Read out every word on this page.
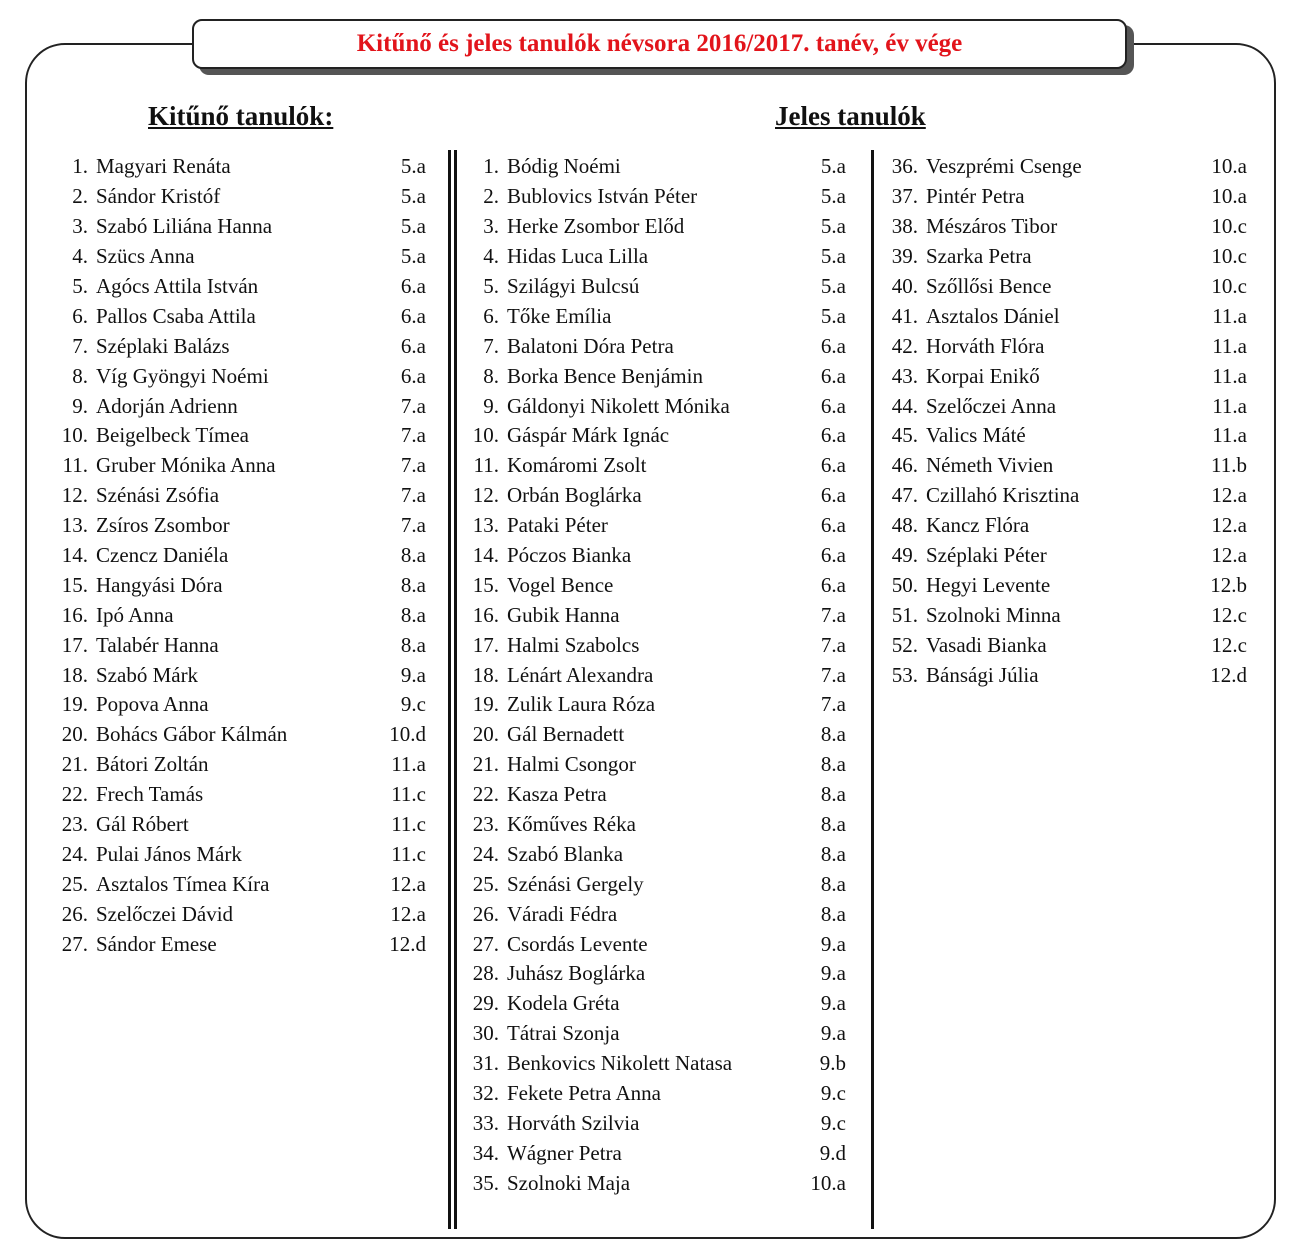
Kitűnő és jeles tanulók névsora 2016/2017. tanév, év vége
Kitűnő tanulók:	Jeles tanulók
1. Magyari Renáta	5.a
2. Sándor Kristóf	5.a
3. Szabó Liliána Hanna	5.a
4. Szücs Anna	5.a
5. Agócs Attila István	6.a
6. Pallos Csaba Attila	6.a
7. Széplaki Balázs	6.a
8. Víg Gyöngyi Noémi	6.a
9. Adorján Adrienn	7.a
10. Beigelbeck Tímea	7.a
11. Gruber Mónika Anna	7.a
12. Szénási Zsófia	7.a
13. Zsíros Zsombor	7.a
14. Czencz Daniéla	8.a
15. Hangyási Dóra	8.a
16. Ipó Anna	8.a
17. Talabér Hanna	8.a
18. Szabó Márk	9.a
19. Popova Anna	9.c
20. Bohács Gábor Kálmán	10.d
21. Bátori Zoltán	11.a
22. Frech Tamás	11.c
23. Gál Róbert	11.c
24. Pulai János Márk	11.c
25. Asztalos Tímea Kíra	12.a
26. Szelőczei Dávid	12.a
27. Sándor Emese	12.d
1. Bódig Noémi	5.a
2. Bublovics István Péter	5.a
3. Herke Zsombor Előd	5.a
4. Hidas Luca Lilla	5.a
5. Szilágyi Bulcsú	5.a
6. Tőke Emília	5.a
7. Balatoni Dóra Petra	6.a
8. Borka Bence Benjámin	6.a
9. Gáldonyi Nikolett Mónika	6.a
10. Gáspár Márk Ignác	6.a
11. Komáromi Zsolt	6.a
12. Orbán Boglárka	6.a
13. Pataki Péter	6.a
14. Póczos Bianka	6.a
15. Vogel Bence	6.a
16. Gubik Hanna	7.a
17. Halmi Szabolcs	7.a
18. Lénárt Alexandra	7.a
19. Zulik Laura Róza	7.a
20. Gál Bernadett	8.a
21. Halmi Csongor	8.a
22. Kasza Petra	8.a
23. Kőműves Réka	8.a
24. Szabó Blanka	8.a
25. Szénási Gergely	8.a
26. Váradi Fédra	8.a
27. Csordás Levente	9.a
28. Juhász Boglárka	9.a
29. Kodela Gréta	9.a
30. Tátrai Szonja	9.a
31. Benkovics Nikolett Natasa	9.b
32. Fekete Petra Anna	9.c
33. Horváth Szilvia	9.c
34. Wágner Petra	9.d
35. Szolnoki Maja	10.a
36. Veszprémi Csenge	10.a
37. Pintér Petra	10.a
38. Mészáros Tibor	10.c
39. Szarka Petra	10.c
40. Szőllősi Bence	10.c
41. Asztalos Dániel	11.a
42. Horváth Flóra	11.a
43. Korpai Enikő	11.a
44. Szelőczei Anna	11.a
45. Valics Máté	11.a
46. Németh Vivien	11.b
47. Czillahó Krisztina	12.a
48. Kancz Flóra	12.a
49. Széplaki Péter	12.a
50. Hegyi Levente	12.b
51. Szolnoki Minna	12.c
52. Vasadi Bianka	12.c
53. Bánsági Júlia	12.d
